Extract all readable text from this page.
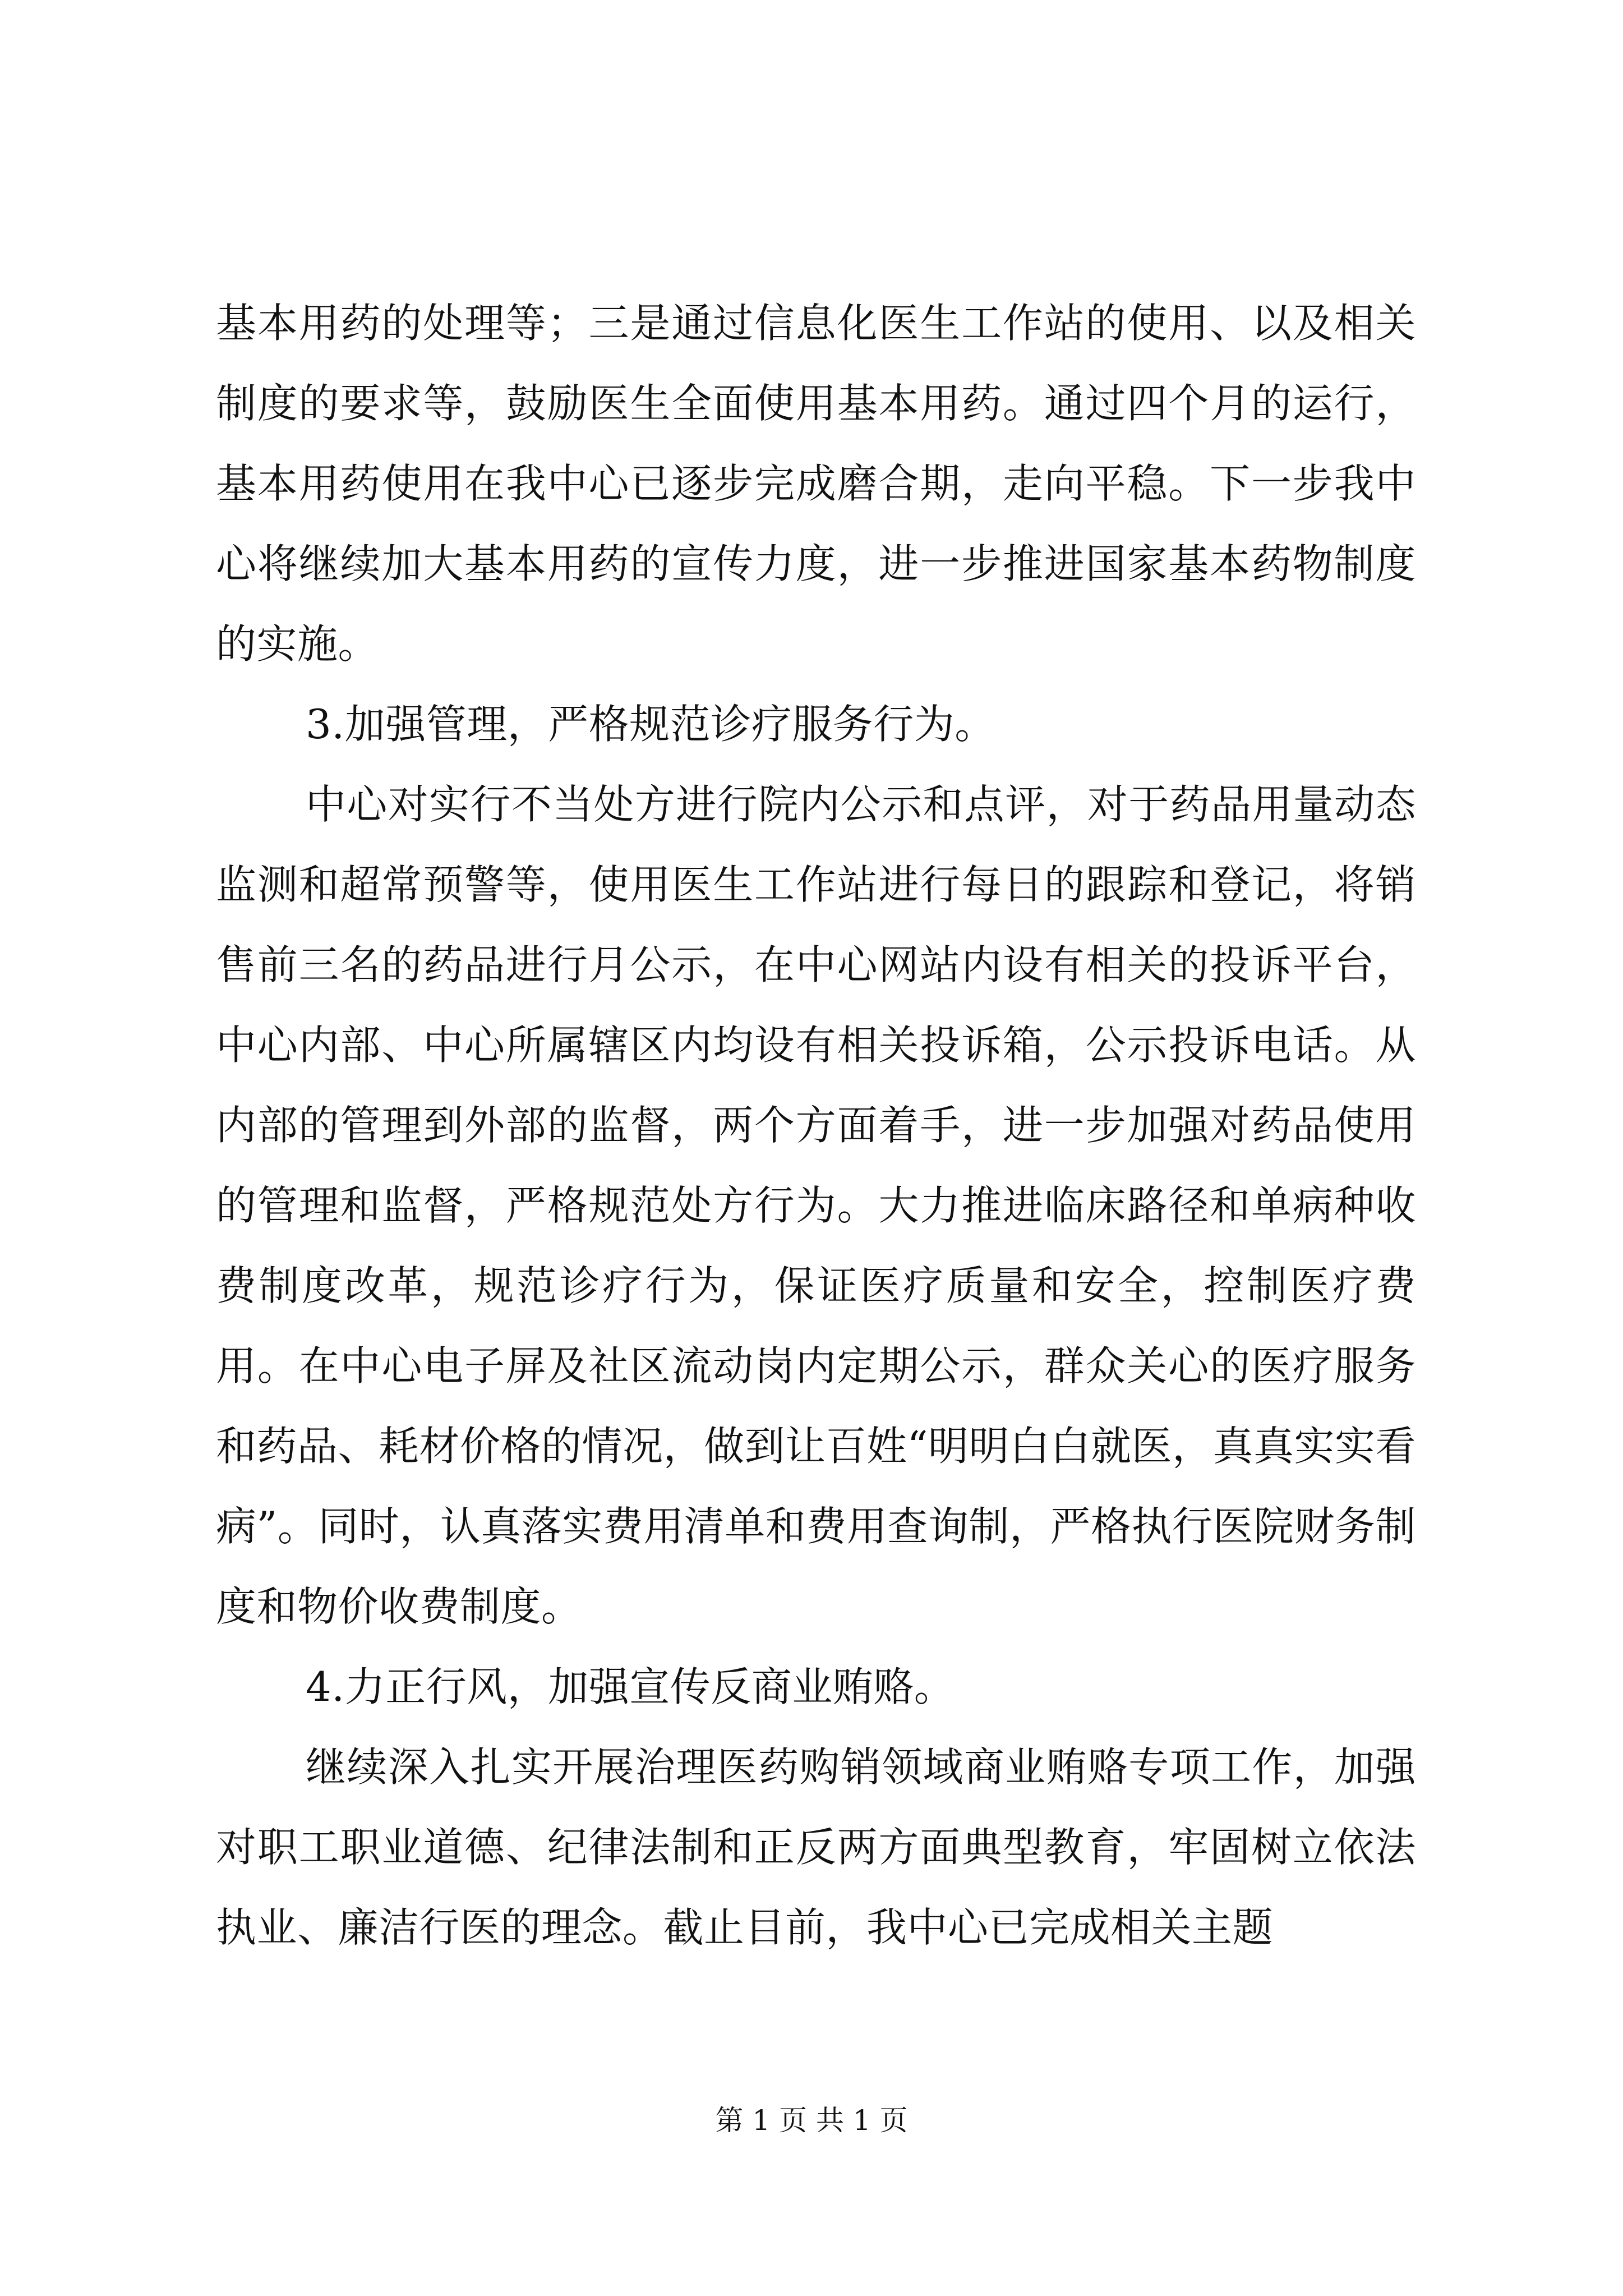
基本用药的处理等；三是通过信息化医生工作站的使用、以及相关制度的要求等，鼓励医生全面使用基本用药。通过四个月的运行，基本用药使用在我中心已逐步完成磨合期，走向平稳。下一步我中心将继续加大基本用药的宣传力度，进一步推进国家基本药物制度的实施。

3.加强管理，严格规范诊疗服务行为。

中心对实行不当处方进行院内公示和点评，对于药品用量动态监测和超常预警等，使用医生工作站进行每日的跟踪和登记，将销售前三名的药品进行月公示，在中心网站内设有相关的投诉平台，中心内部、中心所属辖区内均设有相关投诉箱，公示投诉电话。从内部的管理到外部的监督，两个方面着手，进一步加强对药品使用的管理和监督，严格规范处方行为。大力推进临床路径和单病种收费制度改革，规范诊疗行为，保证医疗质量和安全，控制医疗费用。在中心电子屏及社区流动岗内定期公示，群众关心的医疗服务和药品、耗材价格的情况，做到让百姓“明明白白就医，真真实实看病”。同时，认真落实费用清单和费用查询制，严格执行医院财务制度和物价收费制度。

4.力正行风，加强宣传反商业贿赂。

继续深入扎实开展治理医药购销领域商业贿赂专项工作，加强对职工职业道德、纪律法制和正反两方面典型教育，牢固树立依法执业、廉洁行医的理念。截止目前，我中心已完成相关主题

第 1 页 共 1 页
